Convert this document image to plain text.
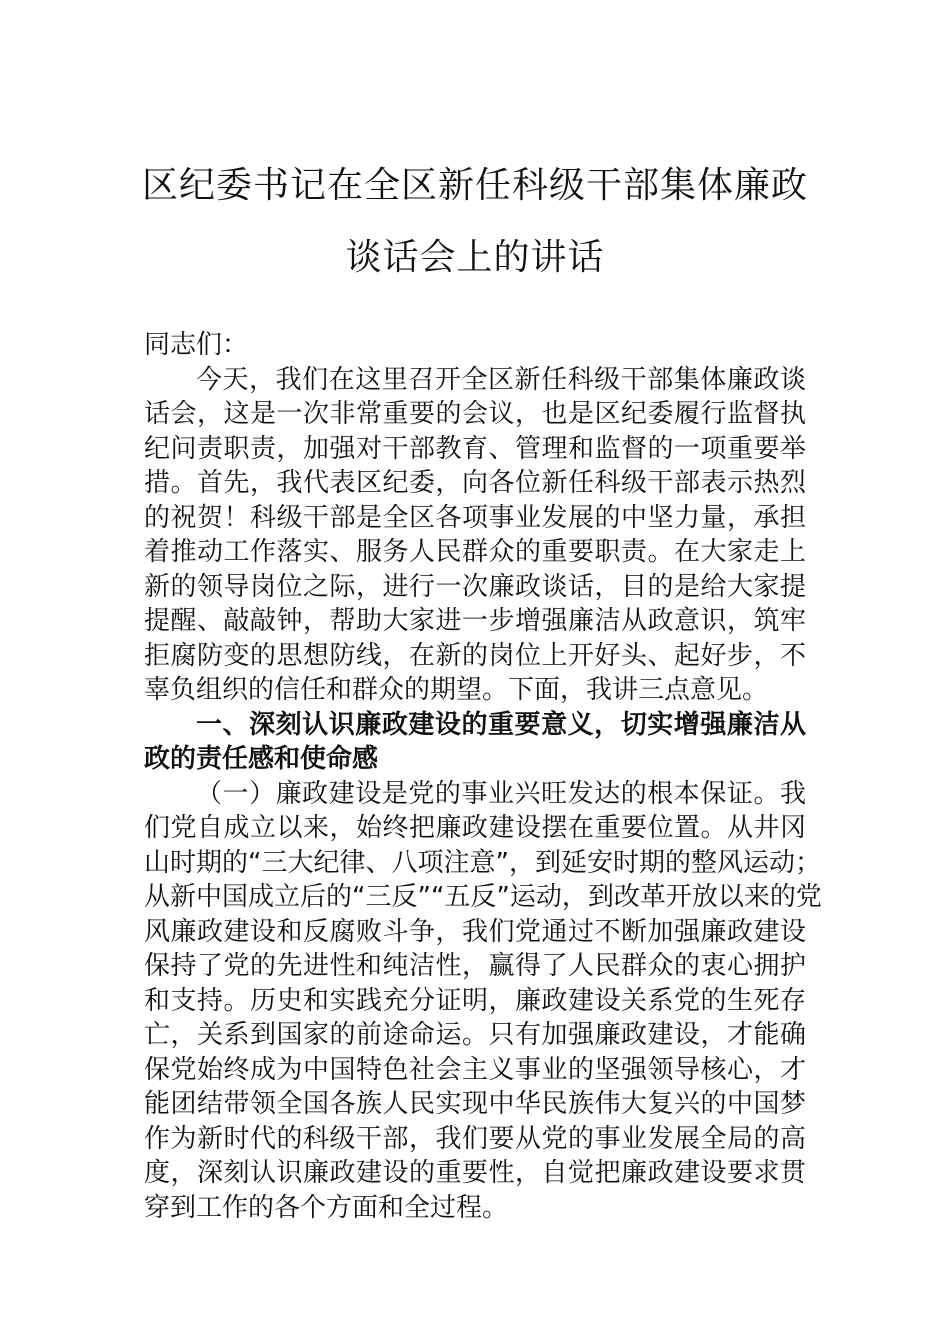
区纪委书记在全区新任科级干部集体廉政
谈话会上的讲话
同志们：
今天，我们在这里召开全区新任科级干部集体廉政谈
话会，这是一次非常重要的会议，也是区纪委履行监督执
纪问责职责，加强对干部教育、管理和监督的一项重要举
措。首先，我代表区纪委，向各位新任科级干部表示热烈
的祝贺！科级干部是全区各项事业发展的中坚力量，承担
着推动工作落实、服务人民群众的重要职责。在大家走上
新的领导岗位之际，进行一次廉政谈话，目的是给大家提
提醒、敲敲钟，帮助大家进一步增强廉洁从政意识，筑牢
拒腐防变的思想防线，在新的岗位上开好头、起好步，不
辜负组织的信任和群众的期望。下面，我讲三点意见。
一、深刻认识廉政建设的重要意义，切实增强廉洁从
政的责任感和使命感
（一）廉政建设是党的事业兴旺发达的根本保证。我
们党自成立以来，始终把廉政建设摆在重要位置。从井冈
山时期的“三大纪律、八项注意”，到延安时期的整风运动；
从新中国成立后的“三反”“五反”运动，到改革开放以来的党
风廉政建设和反腐败斗争，我们党通过不断加强廉政建设
保持了党的先进性和纯洁性，赢得了人民群众的衷心拥护
和支持。历史和实践充分证明，廉政建设关系党的生死存
亡，关系到国家的前途命运。只有加强廉政建设，才能确
保党始终成为中国特色社会主义事业的坚强领导核心，才
能团结带领全国各族人民实现中华民族伟大复兴的中国梦
作为新时代的科级干部，我们要从党的事业发展全局的高
度，深刻认识廉政建设的重要性，自觉把廉政建设要求贯
穿到工作的各个方面和全过程。
